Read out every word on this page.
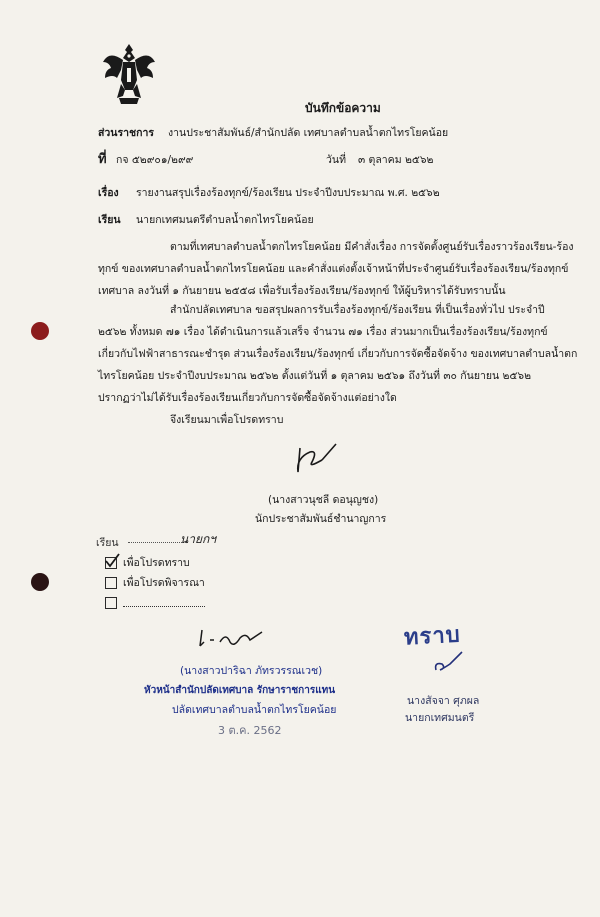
บันทึกข้อความ
ส่วนราชการ งานประชาสัมพันธ์/สำนักปลัด เทศบาลตำบลน้ำตกไทรโยคน้อย
ที่ กจ ๕๒๙๐๑/๒๙๙	วันที่ ๓ ตุลาคม ๒๕๖๒
เรื่อง รายงานสรุปเรื่องร้องทุกข์/ร้องเรียน ประจำปีงบประมาณ พ.ศ. ๒๕๖๒
เรียน นายกเทศมนตรีตำบลน้ำตกไทรโยคน้อย
ตามที่เทศบาลตำบลน้ำตกไทรโยคน้อย มีคำสั่งเรื่อง การจัดตั้งศูนย์รับเรื่องราวร้องเรียน-ร้อง
ทุกข์ ของเทศบาลตำบลน้ำตกไทรโยคน้อย และคำสั่งแต่งตั้งเจ้าหน้าที่ประจำศูนย์รับเรื่องร้องเรียน/ร้องทุกข์
เทศบาล ลงวันที่ ๑ กันยายน ๒๕๕๘ เพื่อรับเรื่องร้องเรียน/ร้องทุกข์ ให้ผู้บริหารได้รับทราบนั้น
สำนักปลัดเทศบาล ขอสรุปผลการรับเรื่องร้องทุกข์/ร้องเรียน ที่เป็นเรื่องทั่วไป ประจำปี
๒๕๖๒ ทั้งหมด ๗๑ เรื่อง ได้ดำเนินการแล้วเสร็จ จำนวน ๗๑ เรื่อง ส่วนมากเป็นเรื่องร้องเรียน/ร้องทุกข์
เกี่ยวกับไฟฟ้าสาธารณะชำรุด ส่วนเรื่องร้องเรียน/ร้องทุกข์ เกี่ยวกับการจัดซื้อจัดจ้าง ของเทศบาลตำบลน้ำตก
ไทรโยคน้อย ประจำปีงบประมาณ ๒๕๖๒ ตั้งแต่วันที่ ๑ ตุลาคม ๒๕๖๑ ถึงวันที่ ๓๐ กันยายน ๒๕๖๒
ปรากฏว่าไม่ได้รับเรื่องร้องเรียนเกี่ยวกับการจัดซื้อจัดจ้างแต่อย่างใด
จึงเรียนมาเพื่อโปรดทราบ
(นางสาวนุชลี ดอนุญชง)
นักประชาสัมพันธ์ชำนาญการ
เรียน	นายกฯ
เพื่อโปรดทราบ
เพื่อโปรดพิจารณา
(นางสาวปาริฉา ภัทรวรรณเวช)
หัวหน้าสำนักปลัดเทศบาล รักษาราชการแทน
ปลัดเทศบาลตำบลน้ำตกไทรโยคน้อย
3 ต.ค. 2562
ทราบ
นางสัจจา ศุภผล
นายกเทศมนตรี
